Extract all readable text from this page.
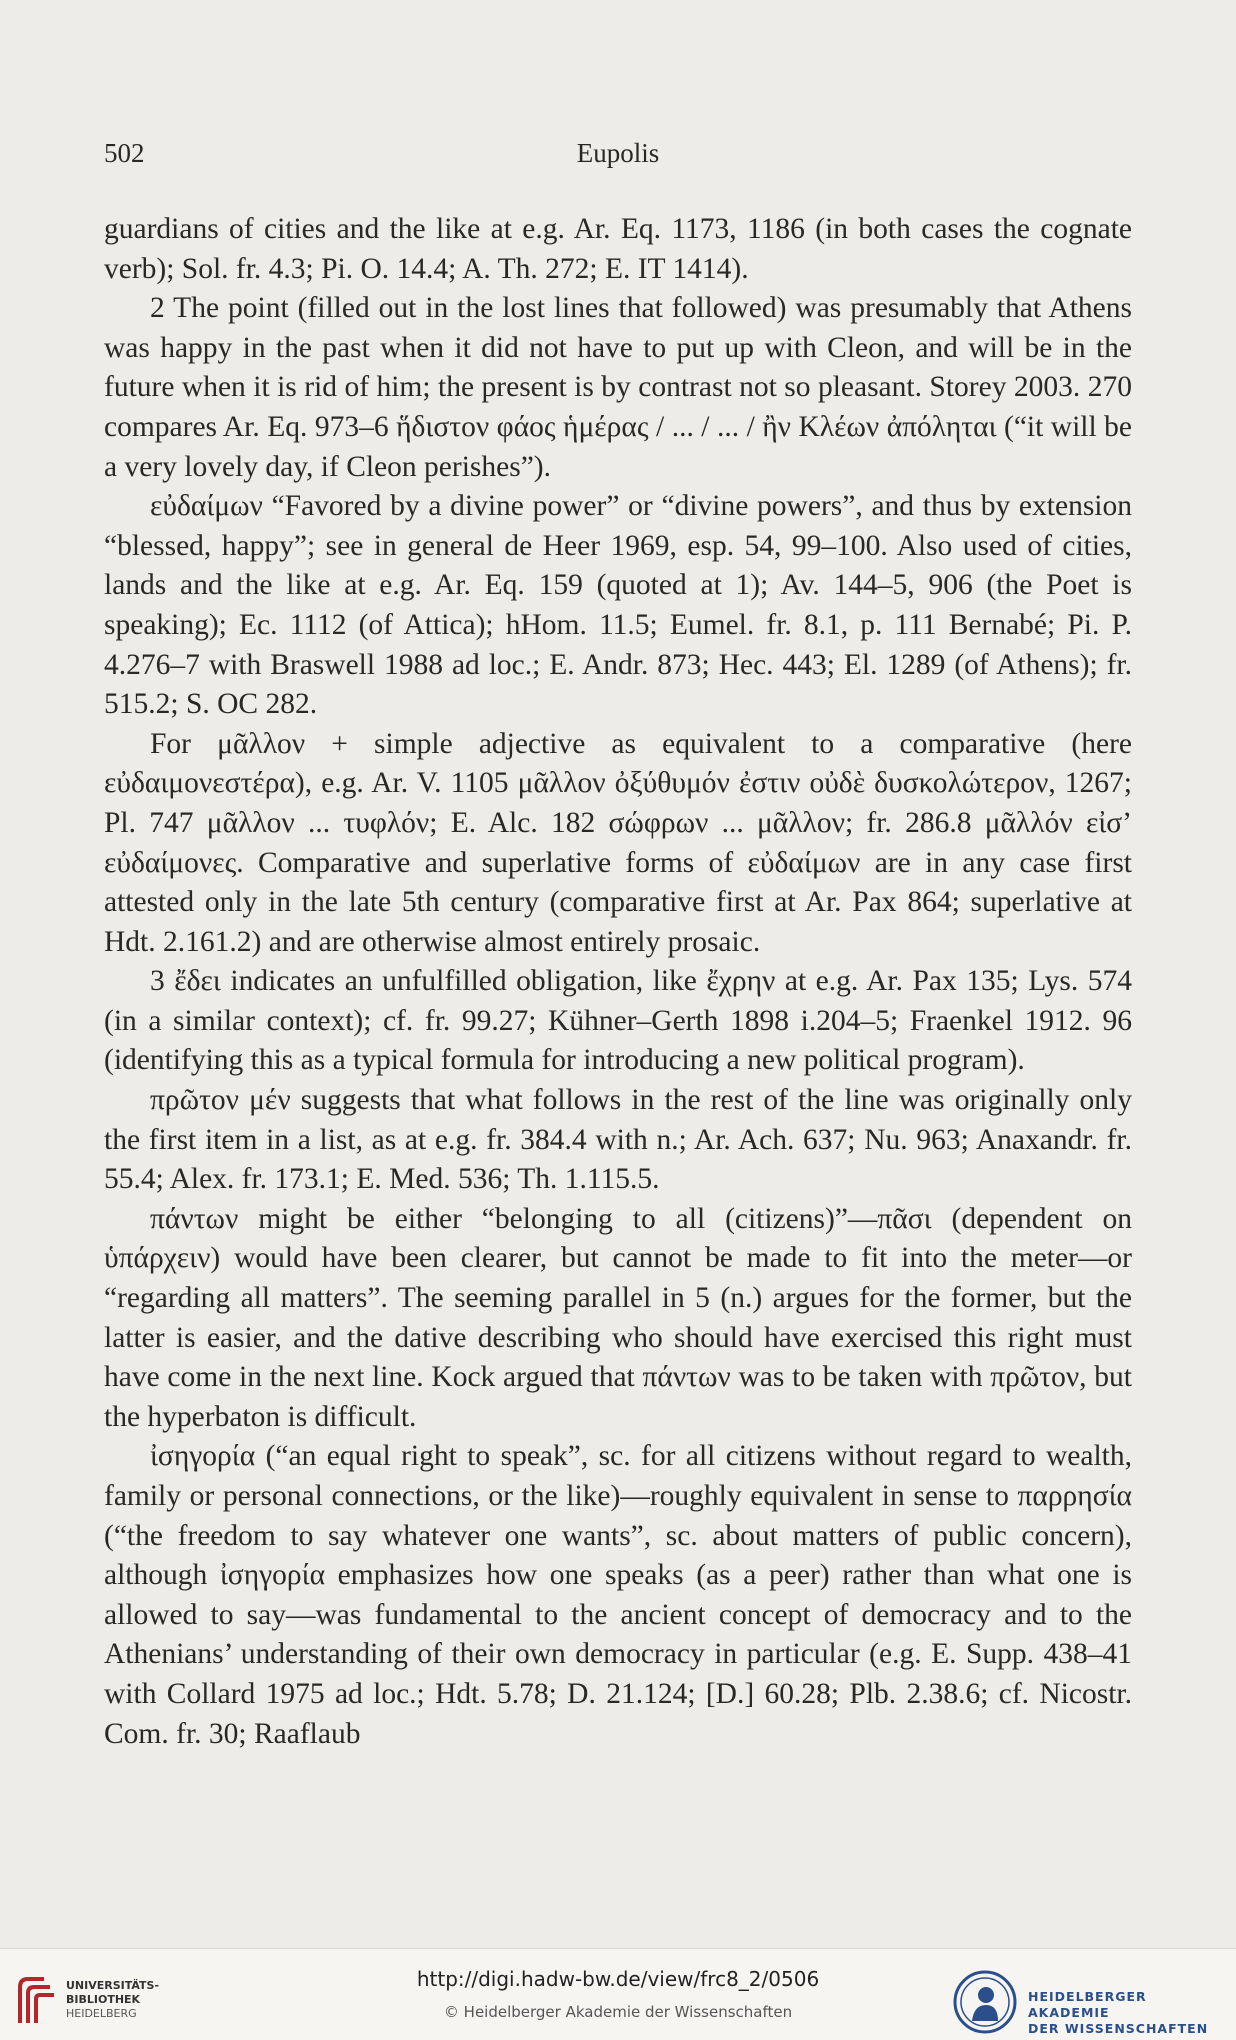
502	Eupolis

guardians of cities and the like at e.g. Ar. Eq. 1173, 1186 (in both cases the cognate verb); Sol. fr. 4.3; Pi. O. 14.4; A. Th. 272; E. IT 1414).

2 The point (filled out in the lost lines that followed) was presumably that Athens was happy in the past when it did not have to put up with Cleon, and will be in the future when it is rid of him; the present is by contrast not so pleasant. Storey 2003. 270 compares Ar. Eq. 973–6 ἥδιστον φάος ἡμέρας / ... / ... / ἢν Κλέων ἀπόληται (“it will be a very lovely day, if Cleon perishes”).

εὐδαίμων “Favored by a divine power” or “divine powers”, and thus by extension “blessed, happy”; see in general de Heer 1969, esp. 54, 99–100. Also used of cities, lands and the like at e.g. Ar. Eq. 159 (quoted at 1); Av. 144–5, 906 (the Poet is speaking); Ec. 1112 (of Attica); hHom. 11.5; Eumel. fr. 8.1, p. 111 Bernabé; Pi. P. 4.276–7 with Braswell 1988 ad loc.; E. Andr. 873; Hec. 443; El. 1289 (of Athens); fr. 515.2; S. OC 282.

For μᾶλλον + simple adjective as equivalent to a comparative (here εὐδαιμονεστέρα), e.g. Ar. V. 1105 μᾶλλον ὀξύθυμόν ἐστιν οὐδὲ δυσκολώτερον, 1267; Pl. 747 μᾶλλον ... τυφλόν; E. Alc. 182 σώφρων ... μᾶλλον; fr. 286.8 μᾶλλόν εἰσ’ εὐδαίμονες. Comparative and superlative forms of εὐδαίμων are in any case first attested only in the late 5th century (comparative first at Ar. Pax 864; superlative at Hdt. 2.161.2) and are otherwise almost entirely prosaic.

3 ἔδει indicates an unfulfilled obligation, like ἔχρην at e.g. Ar. Pax 135; Lys. 574 (in a similar context); cf. fr. 99.27; Kühner–Gerth 1898 i.204–5; Fraenkel 1912. 96 (identifying this as a typical formula for introducing a new political program).

πρῶτον μέν suggests that what follows in the rest of the line was originally only the first item in a list, as at e.g. fr. 384.4 with n.; Ar. Ach. 637; Nu. 963; Anaxandr. fr. 55.4; Alex. fr. 173.1; E. Med. 536; Th. 1.115.5.

πάντων might be either “belonging to all (citizens)”—πᾶσι (dependent on ὑπάρχειν) would have been clearer, but cannot be made to fit into the meter—or “regarding all matters”. The seeming parallel in 5 (n.) argues for the former, but the latter is easier, and the dative describing who should have exercised this right must have come in the next line. Kock argued that πάντων was to be taken with πρῶτον, but the hyperbaton is difficult.

ἰσηγορία (“an equal right to speak”, sc. for all citizens without regard to wealth, family or personal connections, or the like)—roughly equivalent in sense to παρρησία (“the freedom to say whatever one wants”, sc. about matters of public concern), although ἰσηγορία emphasizes how one speaks (as a peer) rather than what one is allowed to say—was fundamental to the ancient concept of democracy and to the Athenians’ understanding of their own democracy in particular (e.g. E. Supp. 438–41 with Collard 1975 ad loc.; Hdt. 5.78; D. 21.124; [D.] 60.28; Plb. 2.38.6; cf. Nicostr. Com. fr. 30; Raaflaub

UNIVERSITÄTS-
BIBLIOTHEK
HEIDELBERG
http://digi.hadw-bw.de/view/frc8_2/0506
© Heidelberger Akademie der Wissenschaften
HEIDELBERGER AKADEMIE
DER WISSENSCHAFTEN
